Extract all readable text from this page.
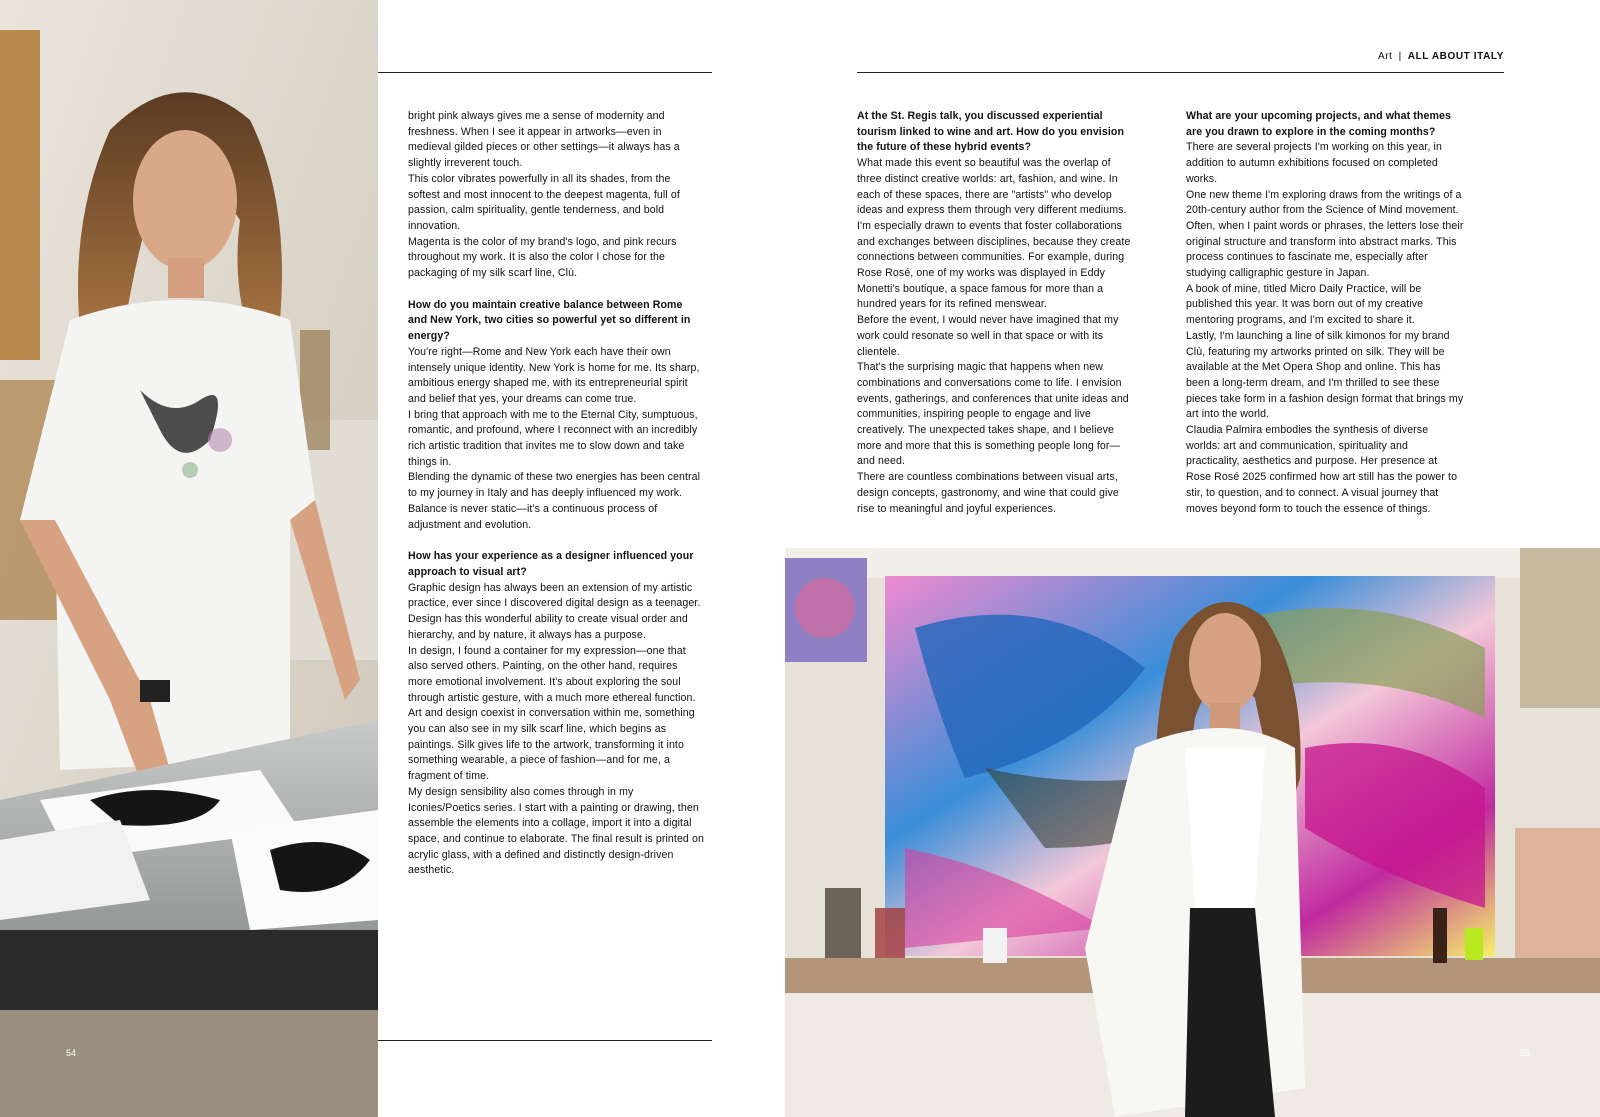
54
Art | ALL ABOUT ITALY

bright pink always gives me a sense of modernity and freshness. When I see it appear in artworks—even in medieval gilded pieces or other settings—it always has a slightly irreverent touch.

This color vibrates powerfully in all its shades, from the softest and most innocent to the deepest magenta, full of passion, calm spirituality, gentle tenderness, and bold innovation.

Magenta is the color of my brand's logo, and pink recurs throughout my work. It is also the color I chose for the packaging of my silk scarf line, Clù.

How do you maintain creative balance between Rome and New York, two cities so powerful yet so different in energy?

You're right—Rome and New York each have their own intensely unique identity. New York is home for me. Its sharp, ambitious energy shaped me, with its entrepreneurial spirit and belief that yes, your dreams can come true.

I bring that approach with me to the Eternal City, sumptuous, romantic, and profound, where I reconnect with an incredibly rich artistic tradition that invites me to slow down and take things in.

Blending the dynamic of these two energies has been central to my journey in Italy and has deeply influenced my work. Balance is never static—it's a continuous process of adjustment and evolution.

How has your experience as a designer influenced your approach to visual art?

Graphic design has always been an extension of my artistic practice, ever since I discovered digital design as a teenager. Design has this wonderful ability to create visual order and hierarchy, and by nature, it always has a purpose.

In design, I found a container for my expression—one that also served others. Painting, on the other hand, requires more emotional involvement. It's about exploring the soul through artistic gesture, with a much more ethereal function.

Art and design coexist in conversation within me, something you can also see in my silk scarf line, which begins as paintings. Silk gives life to the artwork, transforming it into something wearable, a piece of fashion—and for me, a fragment of time.

My design sensibility also comes through in my Iconies/Poetics series. I start with a painting or drawing, then assemble the elements into a collage, import it into a digital space, and continue to elaborate. The final result is printed on acrylic glass, with a defined and distinctly design-driven aesthetic.

At the St. Regis talk, you discussed experiential tourism linked to wine and art. How do you envision the future of these hybrid events?

What made this event so beautiful was the overlap of three distinct creative worlds: art, fashion, and wine. In each of these spaces, there are "artists" who develop ideas and express them through very different mediums. I'm especially drawn to events that foster collaborations and exchanges between disciplines, because they create connections between communities. For example, during Rose Rosé, one of my works was displayed in Eddy Monetti's boutique, a space famous for more than a hundred years for its refined menswear.

Before the event, I would never have imagined that my work could resonate so well in that space or with its clientele.

That's the surprising magic that happens when new combinations and conversations come to life. I envision events, gatherings, and conferences that unite ideas and communities, inspiring people to engage and live creatively. The unexpected takes shape, and I believe more and more that this is something people long for—and need.

There are countless combinations between visual arts, design concepts, gastronomy, and wine that could give rise to meaningful and joyful experiences.

What are your upcoming projects, and what themes are you drawn to explore in the coming months?

There are several projects I'm working on this year, in addition to autumn exhibitions focused on completed works.

One new theme I'm exploring draws from the writings of a 20th-century author from the Science of Mind movement. Often, when I paint words or phrases, the letters lose their original structure and transform into abstract marks. This process continues to fascinate me, especially after studying calligraphic gesture in Japan.

A book of mine, titled Micro Daily Practice, will be published this year. It was born out of my creative mentoring programs, and I'm excited to share it.

Lastly, I'm launching a line of silk kimonos for my brand Clù, featuring my artworks printed on silk. They will be available at the Met Opera Shop and online. This has been a long-term dream, and I'm thrilled to see these pieces take form in a fashion design format that brings my art into the world.

Claudia Palmira embodies the synthesis of diverse worlds: art and communication, spirituality and practicality, aesthetics and purpose. Her presence at Rose Rosé 2025 confirmed how art still has the power to stir, to question, and to connect. A visual journey that moves beyond form to touch the essence of things.

55
